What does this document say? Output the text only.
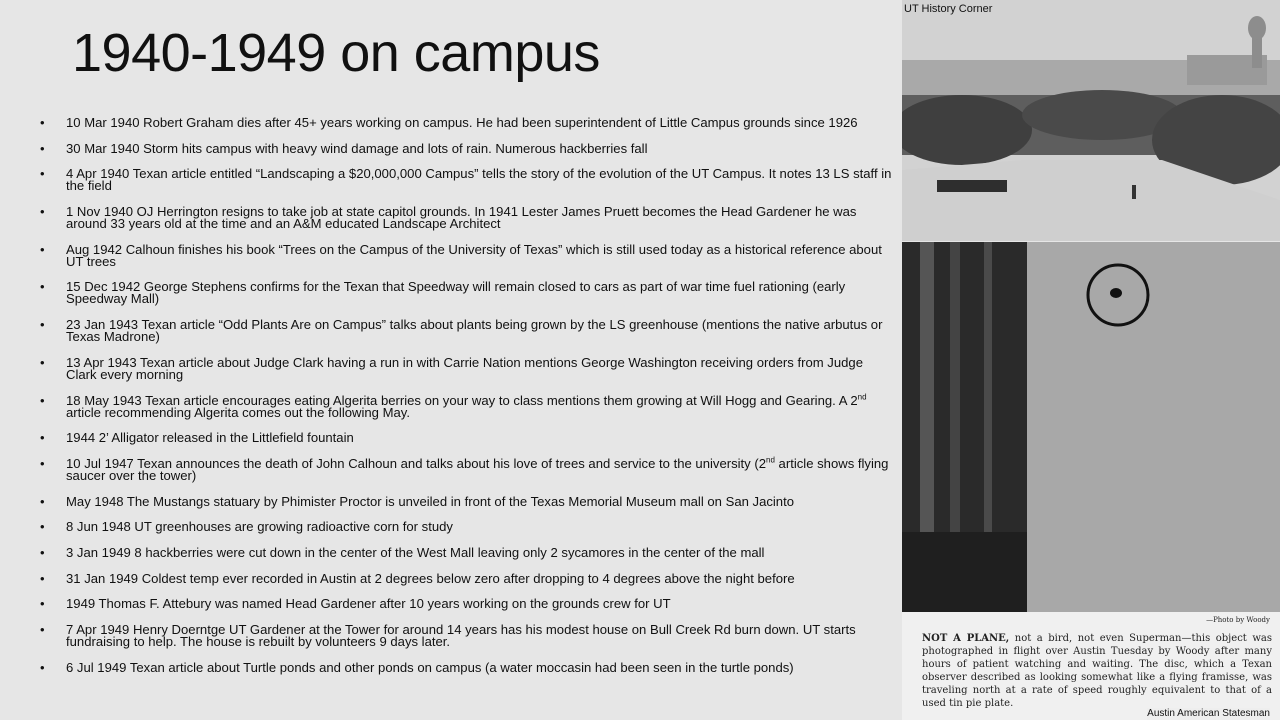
1940-1949 on campus
• 10 Mar 1940 Robert Graham dies after 45+ years working on campus. He had been superintendent of Little Campus grounds since 1926
• 30 Mar 1940 Storm hits campus with heavy wind damage and lots of rain. Numerous hackberries fall
• 4 Apr 1940 Texan article entitled “Landscaping a $20,000,000 Campus” tells the story of the evolution of the UT Campus. It notes 13 LS staff in the field
• 1 Nov 1940 OJ Herrington resigns to take job at state capitol grounds. In 1941 Lester James Pruett becomes the Head Gardener he was around 33 years old at the time and an A&M educated Landscape Architect
• Aug 1942 Calhoun finishes his book “Trees on the Campus of the University of Texas” which is still used today as a historical reference about UT trees
• 15 Dec 1942 George Stephens confirms for the Texan that Speedway will remain closed to cars as part of war time fuel rationing (early Speedway Mall)
• 23 Jan 1943 Texan article “Odd Plants Are on Campus” talks about plants being grown by the LS greenhouse (mentions the native arbutus or Texas Madrone)
• 13 Apr 1943 Texan article about Judge Clark having a run in with Carrie Nation mentions George Washington receiving orders from Judge Clark every morning
• 18 May 1943 Texan article encourages eating Algerita berries on your way to class mentions them growing at Will Hogg and Gearing. A 2nd article recommending Algerita comes out the following May.
• 1944 2’ Alligator released in the Littlefield fountain
• 10 Jul 1947 Texan announces the death of John Calhoun and talks about his love of trees and service to the university (2nd article shows flying saucer over the tower)
• May 1948 The Mustangs statuary by Phimister Proctor is unveiled in front of the Texas Memorial Museum mall on San Jacinto
• 8 Jun 1948 UT greenhouses are growing radioactive corn for study
• 3 Jan 1949 8 hackberries were cut down in the center of the West Mall leaving only 2 sycamores in the center of the mall
• 31 Jan 1949 Coldest temp ever recorded in Austin at 2 degrees below zero after dropping to 4 degrees above the night before
• 1949 Thomas F. Attebury was named Head Gardener after 10 years working on the grounds crew for UT
• 7 Apr 1949 Henry Doerntge UT Gardener at the Tower for around 14 years has his modest house on Bull Creek Rd burn down. UT starts fundraising to help. The house is rebuilt by volunteers 9 days later.
• 6 Jul 1949 Texan article about Turtle ponds and other ponds on campus (a water moccasin had been seen in the turtle ponds)
UT History Corner
—Photo by Woody
NOT A PLANE, not a bird, not even Superman—this object was photographed in flight over Austin Tuesday by Woody after many hours of patient watching and waiting. The disc, which a Texan observer described as looking somewhat like a flying framisse, was traveling north at a rate of speed roughly equivalent to that of a used tin pie plate.
Austin American Statesman
